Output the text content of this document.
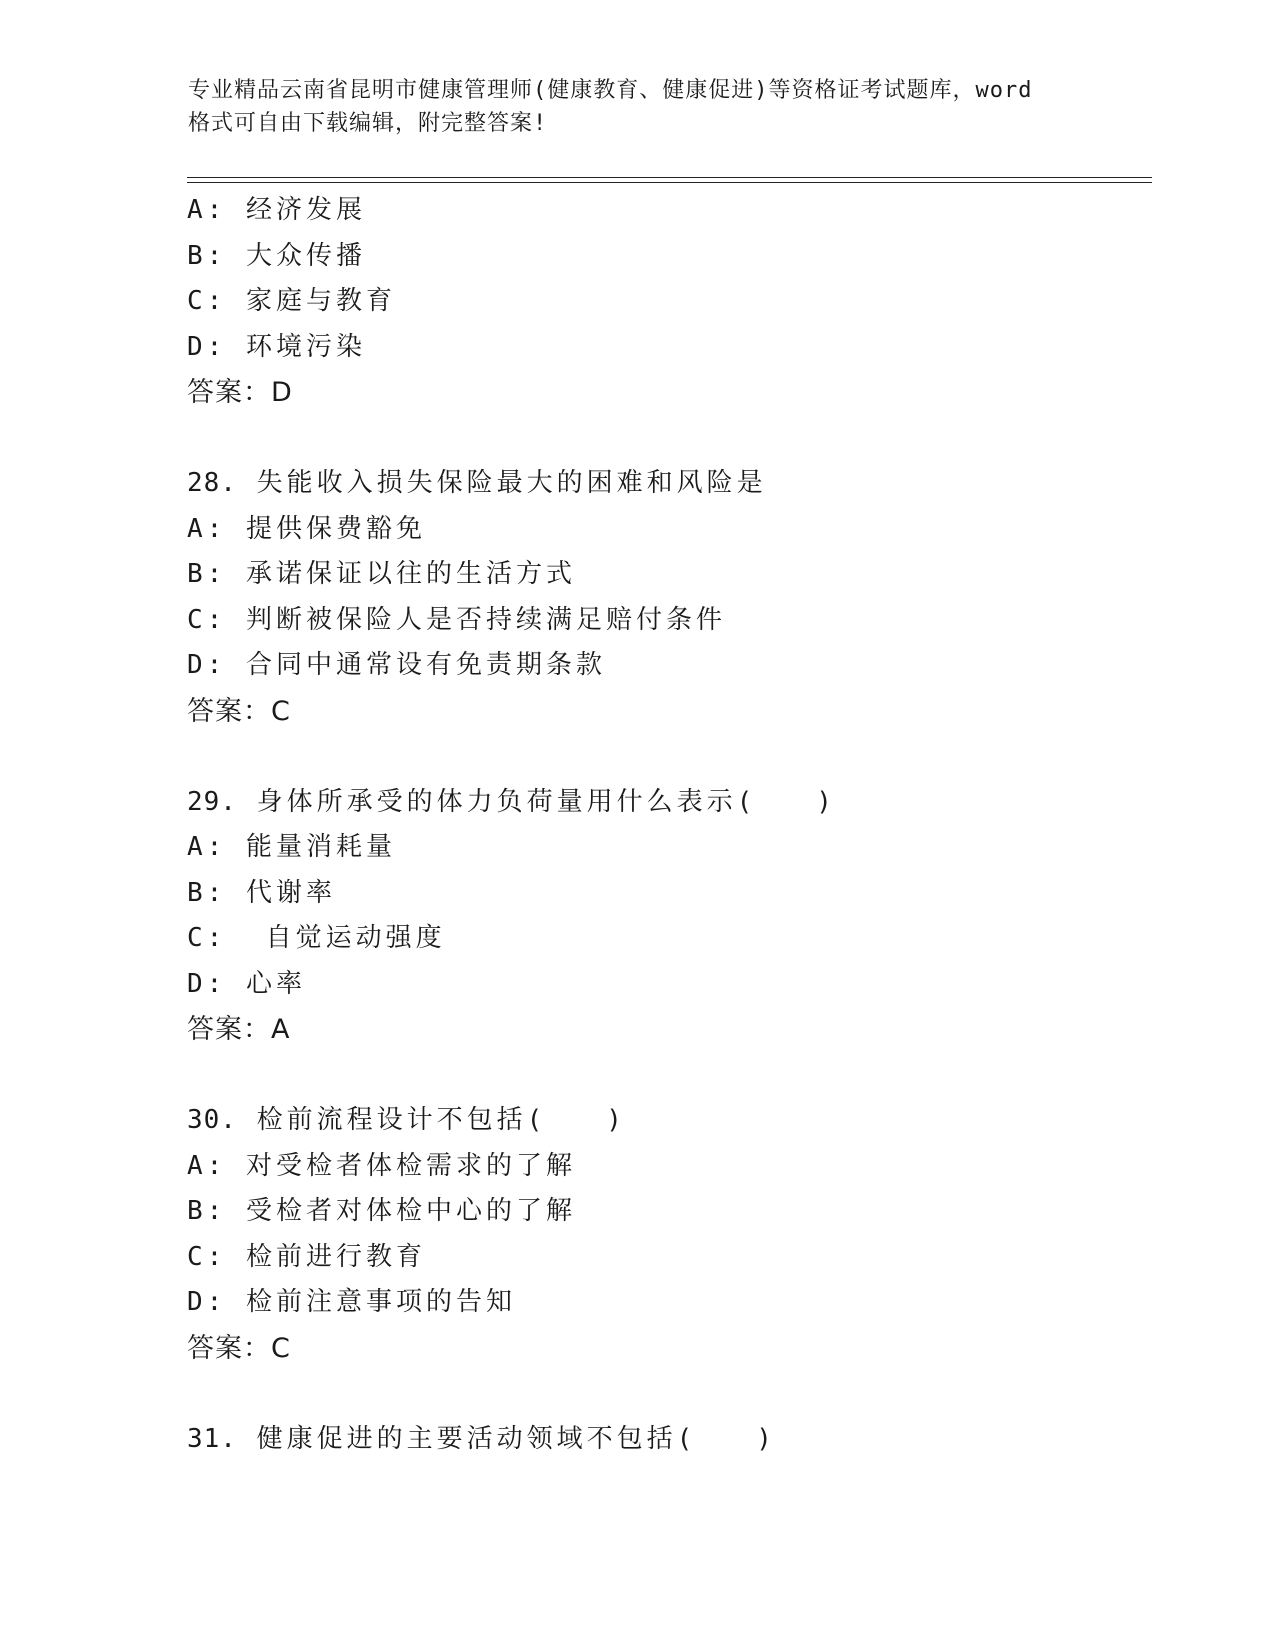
专业精品云南省昆明市健康管理师(健康教育、健康促进)等资格证考试题库，word
格式可自由下载编辑，附完整答案!
A: 经济发展
B: 大众传播
C: 家庭与教育
D: 环境污染
答案：D
28. 失能收入损失保险最大的困难和风险是
A: 提供保费豁免
B: 承诺保证以往的生活方式
C: 判断被保险人是否持续满足赔付条件
D: 合同中通常设有免责期条款
答案：C
29. 身体所承受的体力负荷量用什么表示(　　)
A: 能量消耗量
B: 代谢率
C:  自觉运动强度
D: 心率
答案：A
30. 检前流程设计不包括(　　)
A: 对受检者体检需求的了解
B: 受检者对体检中心的了解
C: 检前进行教育
D: 检前注意事项的告知
答案：C
31. 健康促进的主要活动领域不包括(　　)
